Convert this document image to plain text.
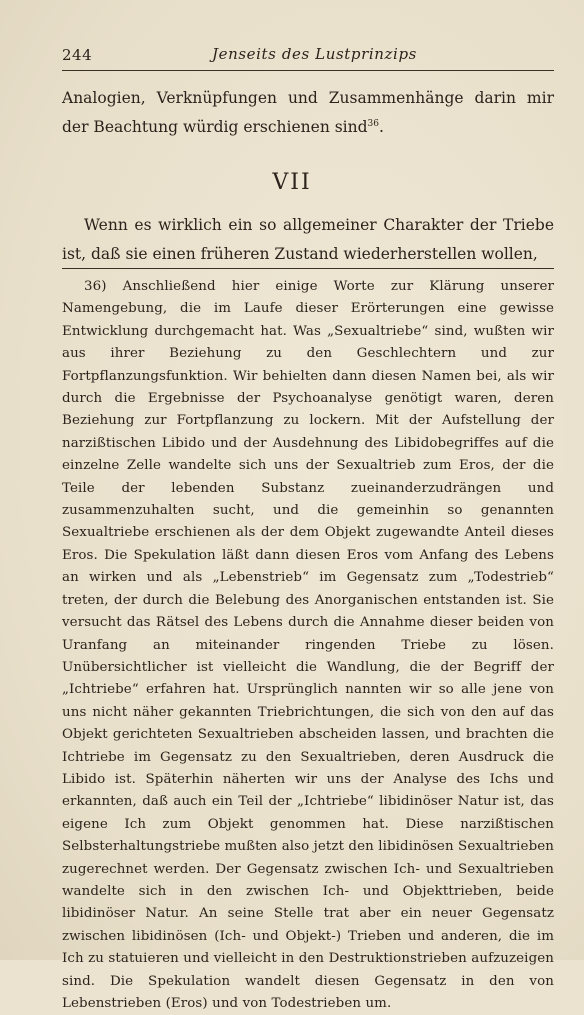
244	Jenseits des Lustprinzips

Analogien, Verknüpfungen und Zusammenhänge darin mir der Beachtung würdig erschienen sind$^{36}$.

VII

Wenn es wirklich ein so allgemeiner Charakter der Triebe ist, daß sie einen früheren Zustand wiederherstellen wollen,

36) Anschließend hier einige Worte zur Klärung unserer Namengebung, die im Laufe dieser Erörterungen eine gewisse Entwicklung durchgemacht hat. Was „Sexualtriebe“ sind, wußten wir aus ihrer Beziehung zu den Geschlechtern und zur Fortpflanzungsfunktion. Wir behielten dann diesen Namen bei, als wir durch die Ergebnisse der Psychoanalyse genötigt waren, deren Beziehung zur Fortpflanzung zu lockern. Mit der Aufstellung der narzißtischen Libido und der Ausdehnung des Libidobegriffes auf die einzelne Zelle wandelte sich uns der Sexualtrieb zum Eros, der die Teile der lebenden Substanz zueinanderzudrängen und zusammenzuhalten sucht, und die gemeinhin so genannten Sexualtriebe erschienen als der dem Objekt zugewandte Anteil dieses Eros. Die Spekulation läßt dann diesen Eros vom Anfang des Lebens an wirken und als „Lebenstrieb“ im Gegensatz zum „Todestrieb“ treten, der durch die Belebung des Anorganischen entstanden ist. Sie versucht das Rätsel des Lebens durch die Annahme dieser beiden von Uranfang an miteinander ringenden Triebe zu lösen. Unübersichtlicher ist vielleicht die Wandlung, die der Begriff der „Ichtriebe“ erfahren hat. Ursprünglich nannten wir so alle jene von uns nicht näher gekannten Triebrichtungen, die sich von den auf das Objekt gerichteten Sexualtrieben abscheiden lassen, und brachten die Ichtriebe im Gegensatz zu den Sexualtrieben, deren Ausdruck die Libido ist. Späterhin näherten wir uns der Analyse des Ichs und erkannten, daß auch ein Teil der „Ichtriebe“ libidinöser Natur ist, das eigene Ich zum Objekt genommen hat. Diese narzißtischen Selbsterhaltungstriebe mußten also jetzt den libidinösen Sexualtrieben zugerechnet werden. Der Gegensatz zwischen Ich- und Sexualtrieben wandelte sich in den zwischen Ich- und Objekttrieben, beide libidinöser Natur. An seine Stelle trat aber ein neuer Gegensatz zwischen libidinösen (Ich- und Objekt-) Trieben und anderen, die im Ich zu statuieren und vielleicht in den Destruktionstrieben aufzuzeigen sind. Die Spekulation wandelt diesen Gegensatz in den von Lebenstrieben (Eros) und von Todestrieben um.
